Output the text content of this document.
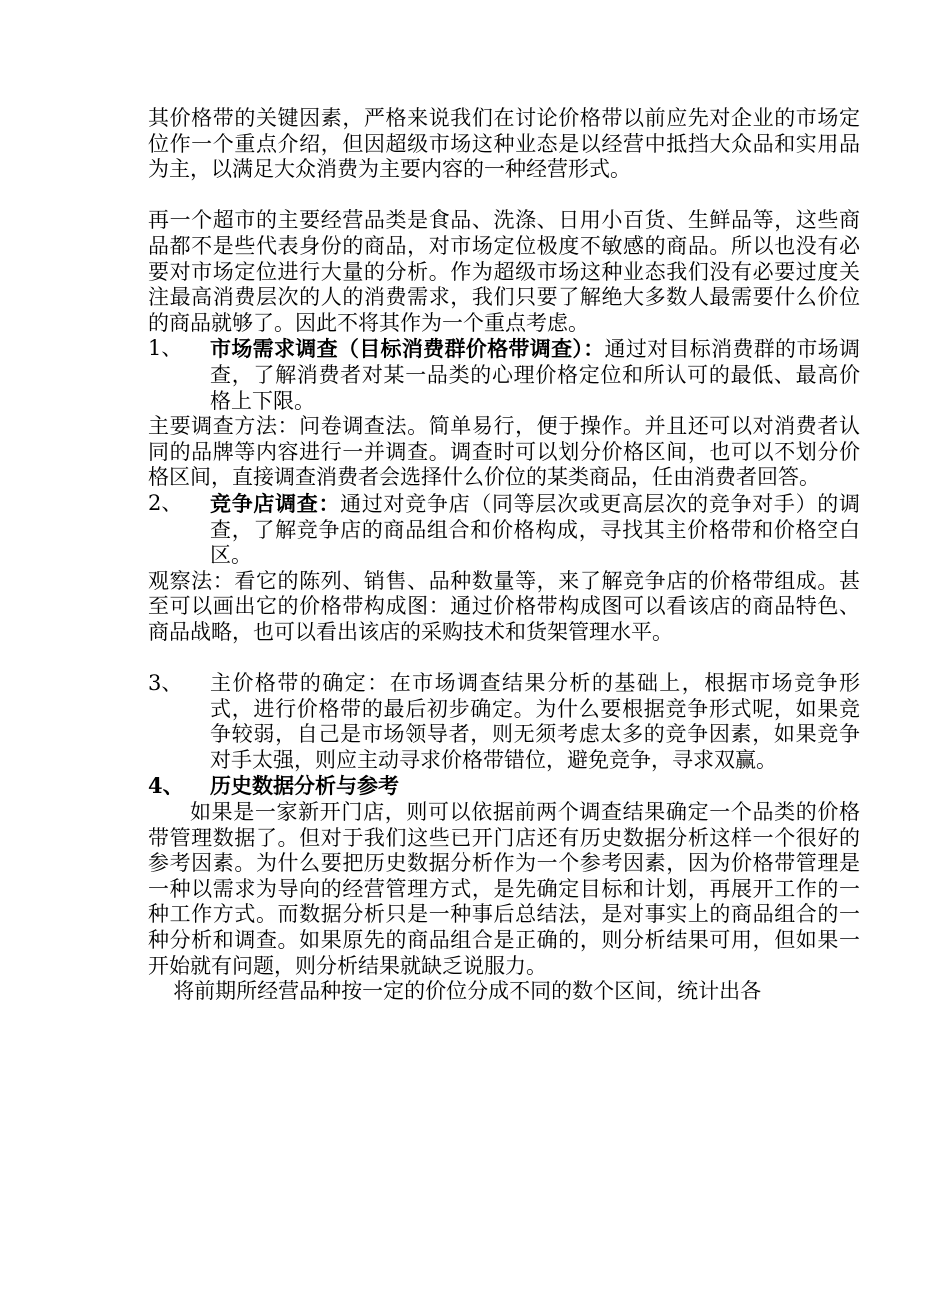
其价格带的关键因素，严格来说我们在讨论价格带以前应先对企业的市场定位作一个重点介绍，但因超级市场这种业态是以经营中抵挡大众品和实用品为主，以满足大众消费为主要内容的一种经营形式。

再一个超市的主要经营品类是食品、洗涤、日用小百货、生鲜品等，这些商品都不是些代表身份的商品，对市场定位极度不敏感的商品。所以也没有必要对市场定位进行大量的分析。作为超级市场这种业态我们没有必要过度关注最高消费层次的人的消费需求，我们只要了解绝大多数人最需要什么价位的商品就够了。因此不将其作为一个重点考虑。

1、	市场需求调查（目标消费群价格带调查）：通过对目标消费群的市场调查，了解消费者对某一品类的心理价格定位和所认可的最低、最高价格上下限。

主要调查方法：问卷调查法。简单易行，便于操作。并且还可以对消费者认同的品牌等内容进行一并调查。调查时可以划分价格区间，也可以不划分价格区间，直接调查消费者会选择什么价位的某类商品，任由消费者回答。

2、	竞争店调查：通过对竞争店（同等层次或更高层次的竞争对手）的调查，了解竞争店的商品组合和价格构成，寻找其主价格带和价格空白区。

观察法：看它的陈列、销售、品种数量等，来了解竞争店的价格带组成。甚至可以画出它的价格带构成图：通过价格带构成图可以看该店的商品特色、商品战略，也可以看出该店的采购技术和货架管理水平。

3、	主价格带的确定：在市场调查结果分析的基础上，根据市场竞争形式，进行价格带的最后初步确定。为什么要根据竞争形式呢，如果竞争较弱，自己是市场领导者，则无须考虑太多的竞争因素，如果竞争对手太强，则应主动寻求价格带错位，避免竞争，寻求双赢。
4、	历史数据分析与参考

如果是一家新开门店，则可以依据前两个调查结果确定一个品类的价格带管理数据了。但对于我们这些已开门店还有历史数据分析这样一个很好的参考因素。为什么要把历史数据分析作为一个参考因素，因为价格带管理是一种以需求为导向的经营管理方式，是先确定目标和计划，再展开工作的一种工作方式。而数据分析只是一种事后总结法，是对事实上的商品组合的一种分析和调查。如果原先的商品组合是正确的，则分析结果可用，但如果一开始就有问题，则分析结果就缺乏说服力。

将前期所经营品种按一定的价位分成不同的数个区间，统计出各
